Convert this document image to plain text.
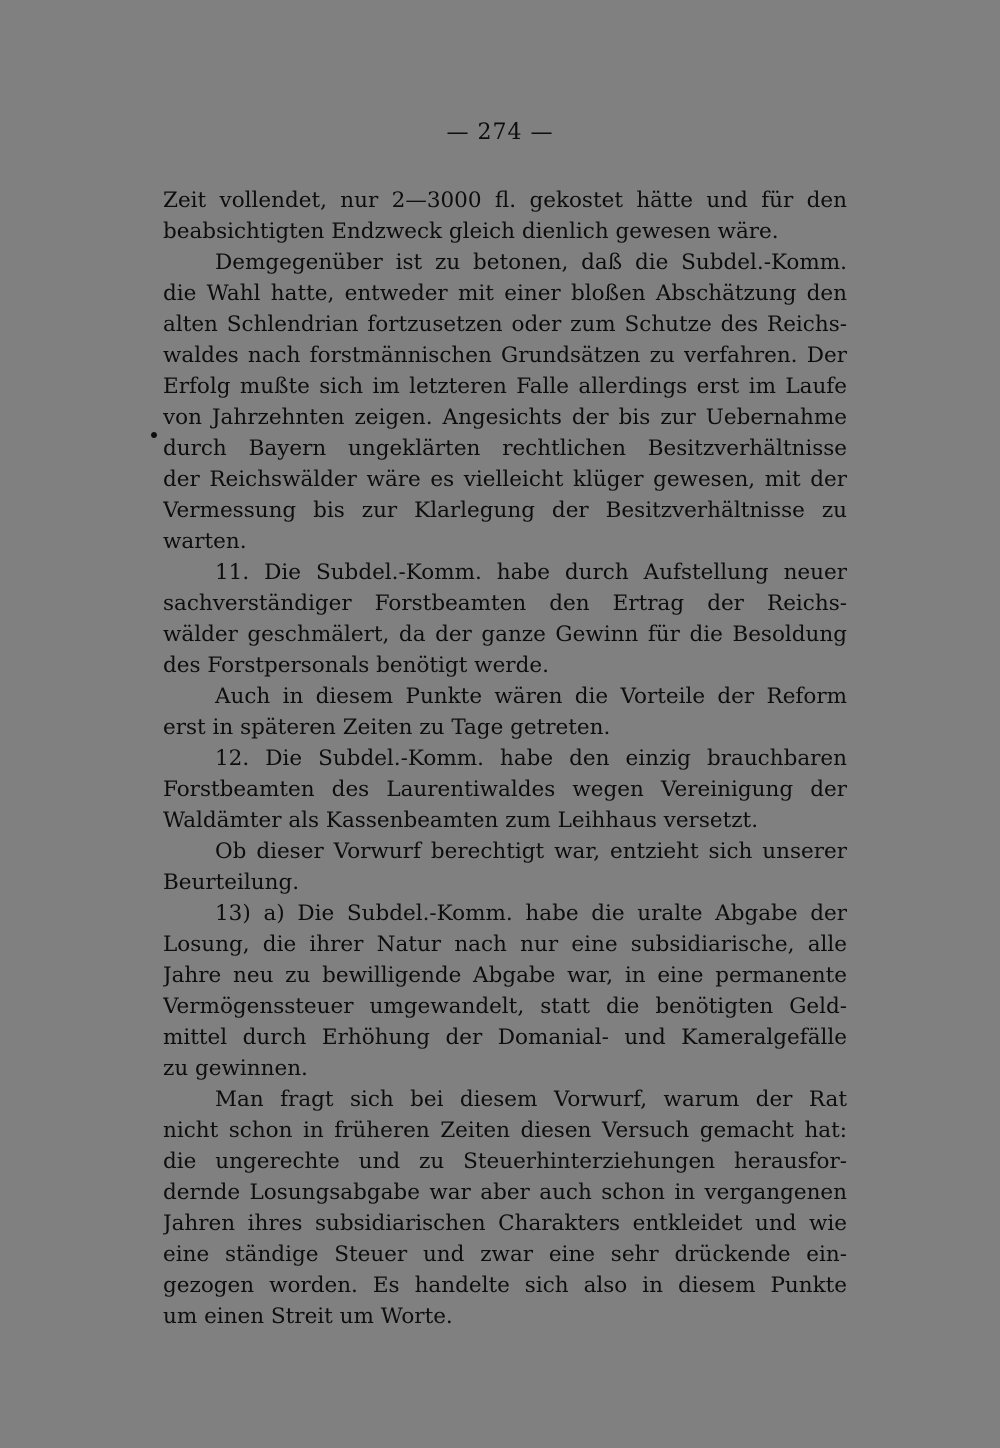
— 274 —
Zeit vollendet, nur 2—3000 fl. gekostet hätte und für den
beabsichtigten Endzweck gleich dienlich gewesen wäre.
Demgegenüber ist zu betonen, daß die Subdel.-Komm.
die Wahl hatte, entweder mit einer bloßen Abschätzung den
alten Schlendrian fortzusetzen oder zum Schutze des Reichs-
waldes nach forstmännischen Grundsätzen zu verfahren. Der
Erfolg mußte sich im letzteren Falle allerdings erst im Laufe
von Jahrzehnten zeigen. Angesichts der bis zur Uebernahme
durch Bayern ungeklärten rechtlichen Besitzverhältnisse
der Reichswälder wäre es vielleicht klüger gewesen, mit der
Vermessung bis zur Klarlegung der Besitzverhältnisse zu
warten.
11. Die Subdel.-Komm. habe durch Aufstellung neuer
sachverständiger Forstbeamten den Ertrag der Reichs-
wälder geschmälert, da der ganze Gewinn für die Besoldung
des Forstpersonals benötigt werde.
Auch in diesem Punkte wären die Vorteile der Reform
erst in späteren Zeiten zu Tage getreten.
12. Die Subdel.-Komm. habe den einzig brauchbaren
Forstbeamten des Laurentiwaldes wegen Vereinigung der
Waldämter als Kassenbeamten zum Leihhaus versetzt.
Ob dieser Vorwurf berechtigt war, entzieht sich unserer
Beurteilung.
13) a) Die Subdel.-Komm. habe die uralte Abgabe der
Losung, die ihrer Natur nach nur eine subsidiarische, alle
Jahre neu zu bewilligende Abgabe war, in eine permanente
Vermögenssteuer umgewandelt, statt die benötigten Geld-
mittel durch Erhöhung der Domanial- und Kameralgefälle
zu gewinnen.
Man fragt sich bei diesem Vorwurf, warum der Rat
nicht schon in früheren Zeiten diesen Versuch gemacht hat:
die ungerechte und zu Steuerhinterziehungen herausfor-
dernde Losungsabgabe war aber auch schon in vergangenen
Jahren ihres subsidiarischen Charakters entkleidet und wie
eine ständige Steuer und zwar eine sehr drückende ein-
gezogen worden. Es handelte sich also in diesem Punkte
um einen Streit um Worte.
